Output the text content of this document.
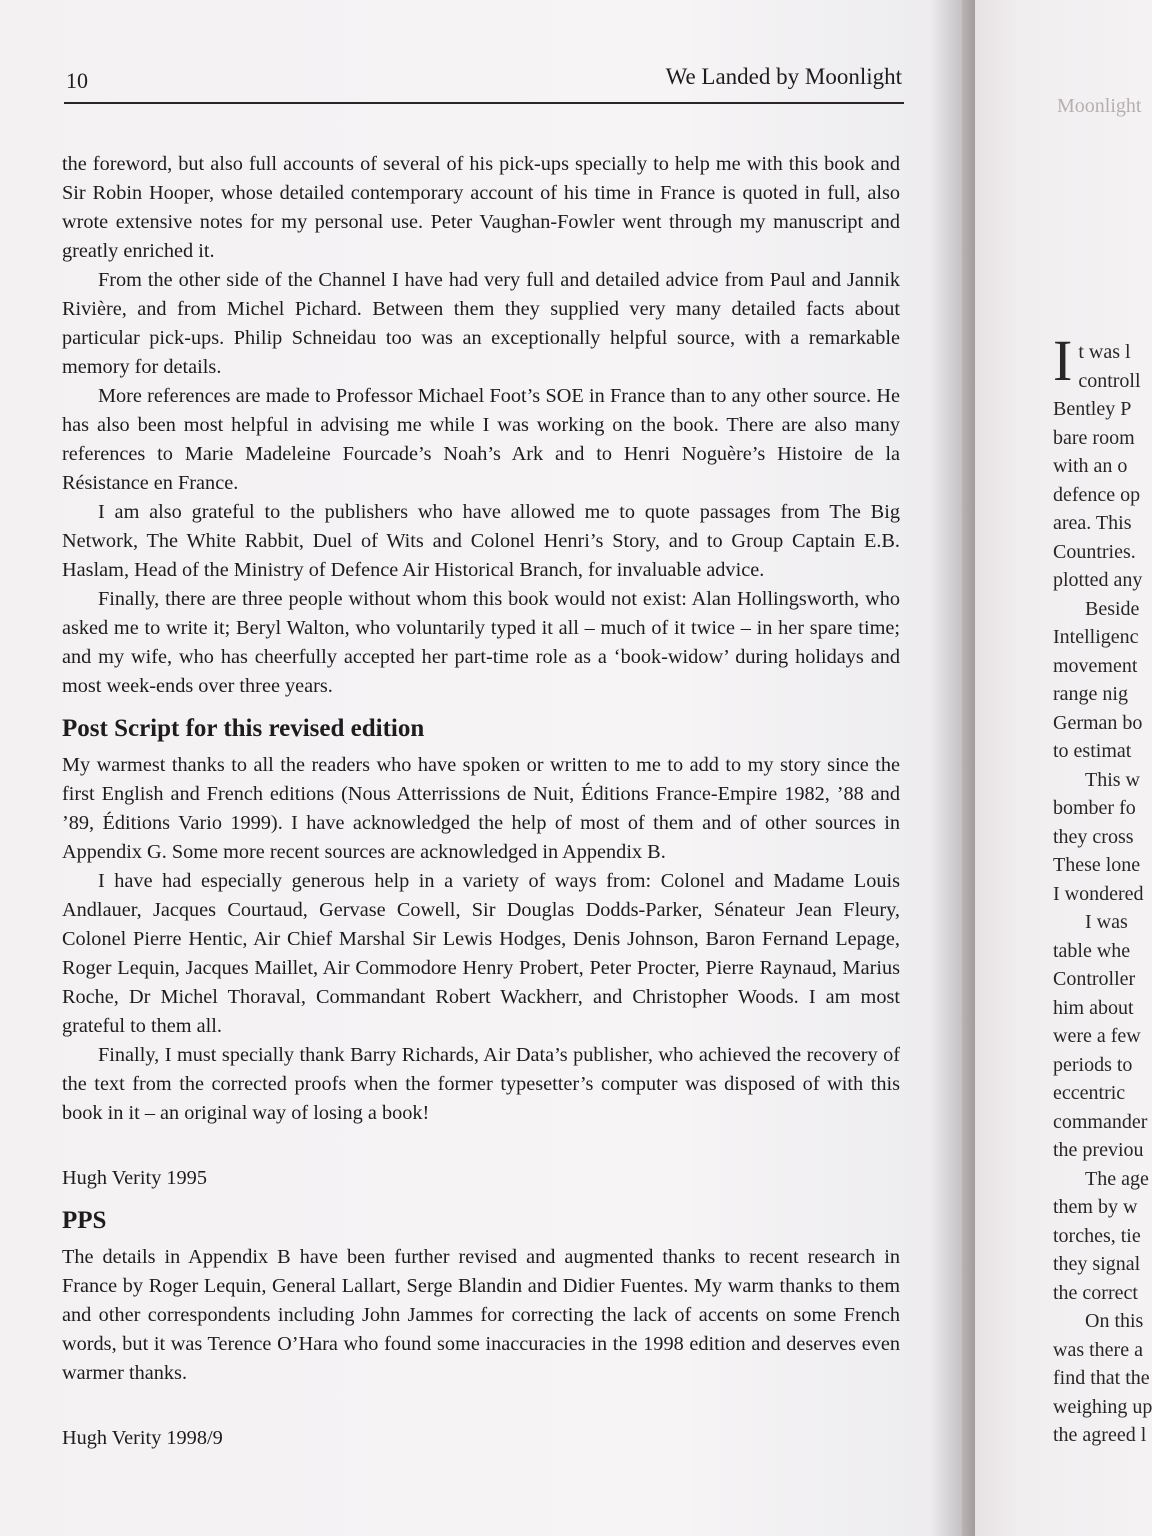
10	We Landed by Moonlight

the foreword, but also full accounts of several of his pick-ups specially to help me with this book and Sir Robin Hooper, whose detailed contemporary account of his time in France is quoted in full, also wrote extensive notes for my personal use. Peter Vaughan-Fowler went through my manuscript and greatly enriched it.

From the other side of the Channel I have had very full and detailed advice from Paul and Jannik Rivière, and from Michel Pichard. Between them they supplied very many detailed facts about particular pick-ups. Philip Schneidau too was an exceptionally helpful source, with a remarkable memory for details.

More references are made to Professor Michael Foot’s SOE in France than to any other source. He has also been most helpful in advising me while I was working on the book. There are also many references to Marie Madeleine Fourcade’s Noah’s Ark and to Henri Noguère’s Histoire de la Résistance en France.

I am also grateful to the publishers who have allowed me to quote passages from The Big Network, The White Rabbit, Duel of Wits and Colonel Henri’s Story, and to Group Captain E.B. Haslam, Head of the Ministry of Defence Air Historical Branch, for invaluable advice.

Finally, there are three people without whom this book would not exist: Alan Hollingsworth, who asked me to write it; Beryl Walton, who voluntarily typed it all – much of it twice – in her spare time; and my wife, who has cheerfully accepted her part-time role as a ‘book-widow’ during holidays and most week-ends over three years.

Post Script for this revised edition

My warmest thanks to all the readers who have spoken or written to me to add to my story since the first English and French editions (Nous Atterrissions de Nuit, Éditions France-Empire 1982, ’88 and ’89, Éditions Vario 1999). I have acknowledged the help of most of them and of other sources in Appendix G. Some more recent sources are acknowledged in Appendix B.

I have had especially generous help in a variety of ways from: Colonel and Madame Louis Andlauer, Jacques Courtaud, Gervase Cowell, Sir Douglas Dodds-Parker, Sénateur Jean Fleury, Colonel Pierre Hentic, Air Chief Marshal Sir Lewis Hodges, Denis Johnson, Baron Fernand Lepage, Roger Lequin, Jacques Maillet, Air Commodore Henry Probert, Peter Procter, Pierre Raynaud, Marius Roche, Dr Michel Thoraval, Commandant Robert Wackherr, and Christopher Woods. I am most grateful to them all.

Finally, I must specially thank Barry Richards, Air Data’s publisher, who achieved the recovery of the text from the corrected proofs when the former typesetter’s computer was disposed of with this book in it – an original way of losing a book!

Hugh Verity 1995

PPS

The details in Appendix B have been further revised and augmented thanks to recent research in France by Roger Lequin, General Lallart, Serge Blandin and Didier Fuentes. My warm thanks to them and other correspondents including John Jammes for correcting the lack of accents on some French words, but it was Terence O’Hara who found some inaccuracies in the 1998 edition and deserves even warmer thanks.

Hugh Verity 1998/9

Moonlight
I t was l
controll
Bentley P
bare room
with an o
defence op
area. This
Countries.
plotted any
Beside
Intelligenc
movement
range nig
German bo
to estimat
This w
bomber fo
they cross
These lone
I wondered
I was
table whe
Controller
him about
were a few
periods to
eccentric
commander
the previou
The age
them by w
torches, tie
they signal
the correct
On this
was there a
find that the
weighing up
the agreed l
